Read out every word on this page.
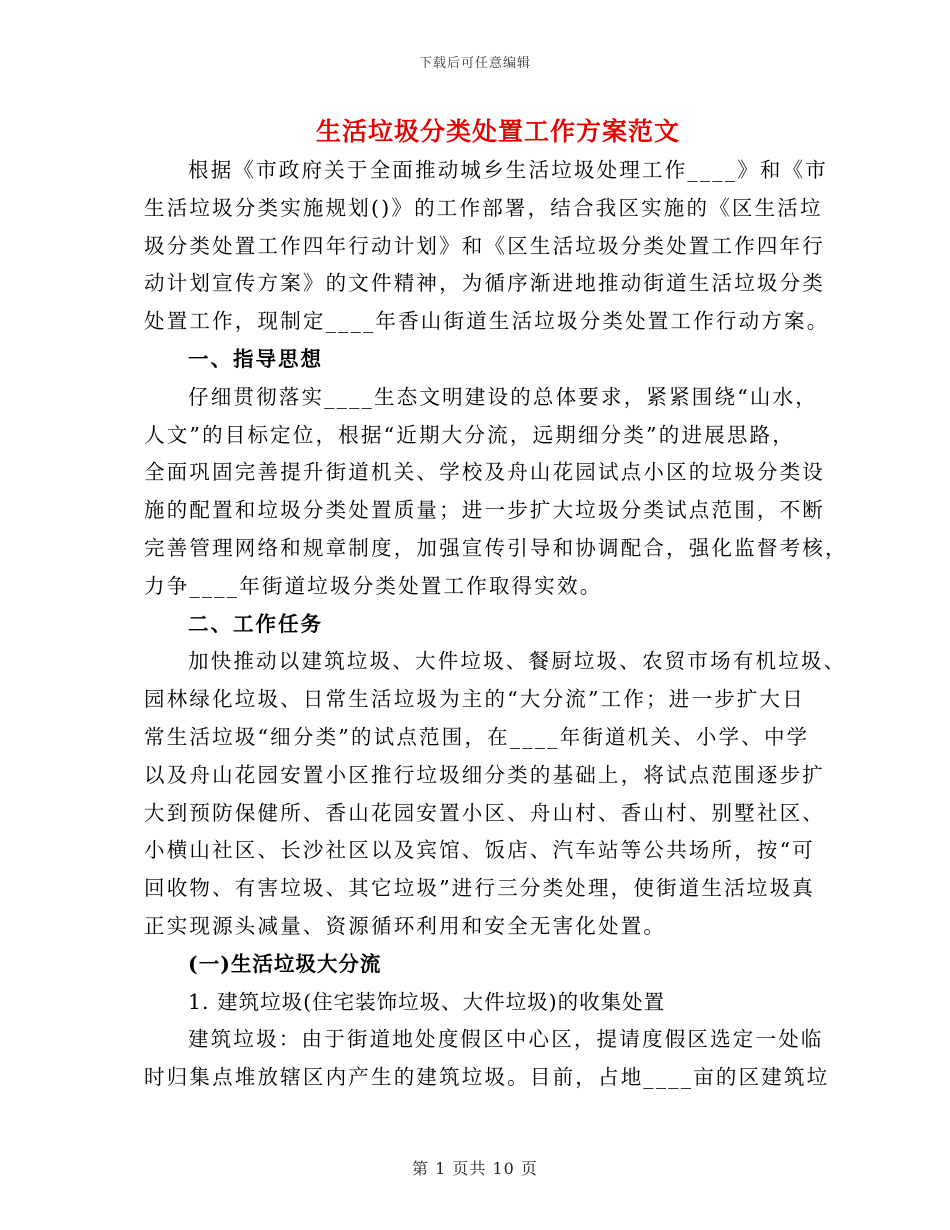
下载后可任意编辑
生活垃圾分类处置工作方案范文
根据《市政府关于全面推动城乡生活垃圾处理工作____》和《市
生活垃圾分类实施规划()》的工作部署，结合我区实施的《区生活垃
圾分类处置工作四年行动计划》和《区生活垃圾分类处置工作四年行
动计划宣传方案》的文件精神，为循序渐进地推动街道生活垃圾分类
处置工作，现制定____年香山街道生活垃圾分类处置工作行动方案。
一、指导思想
仔细贯彻落实____生态文明建设的总体要求，紧紧围绕“山水，
人文”的目标定位，根据“近期大分流，远期细分类”的进展思路，
全面巩固完善提升街道机关、学校及舟山花园试点小区的垃圾分类设
施的配置和垃圾分类处置质量；进一步扩大垃圾分类试点范围，不断
完善管理网络和规章制度，加强宣传引导和协调配合，强化监督考核，
力争____年街道垃圾分类处置工作取得实效。
二、工作任务
加快推动以建筑垃圾、大件垃圾、餐厨垃圾、农贸市场有机垃圾、
园林绿化垃圾、日常生活垃圾为主的“大分流”工作；进一步扩大日
常生活垃圾“细分类”的试点范围，在____年街道机关、小学、中学
以及舟山花园安置小区推行垃圾细分类的基础上，将试点范围逐步扩
大到预防保健所、香山花园安置小区、舟山村、香山村、别墅社区、
小横山社区、长沙社区以及宾馆、饭店、汽车站等公共场所，按“可
回收物、有害垃圾、其它垃圾”进行三分类处理，使街道生活垃圾真
正实现源头减量、资源循环利用和安全无害化处置。
(一)生活垃圾大分流
1. 建筑垃圾(住宅装饰垃圾、大件垃圾)的收集处置
建筑垃圾：由于街道地处度假区中心区，提请度假区选定一处临
时归集点堆放辖区内产生的建筑垃圾。目前，占地____亩的区建筑垃
第 1 页共 10 页
